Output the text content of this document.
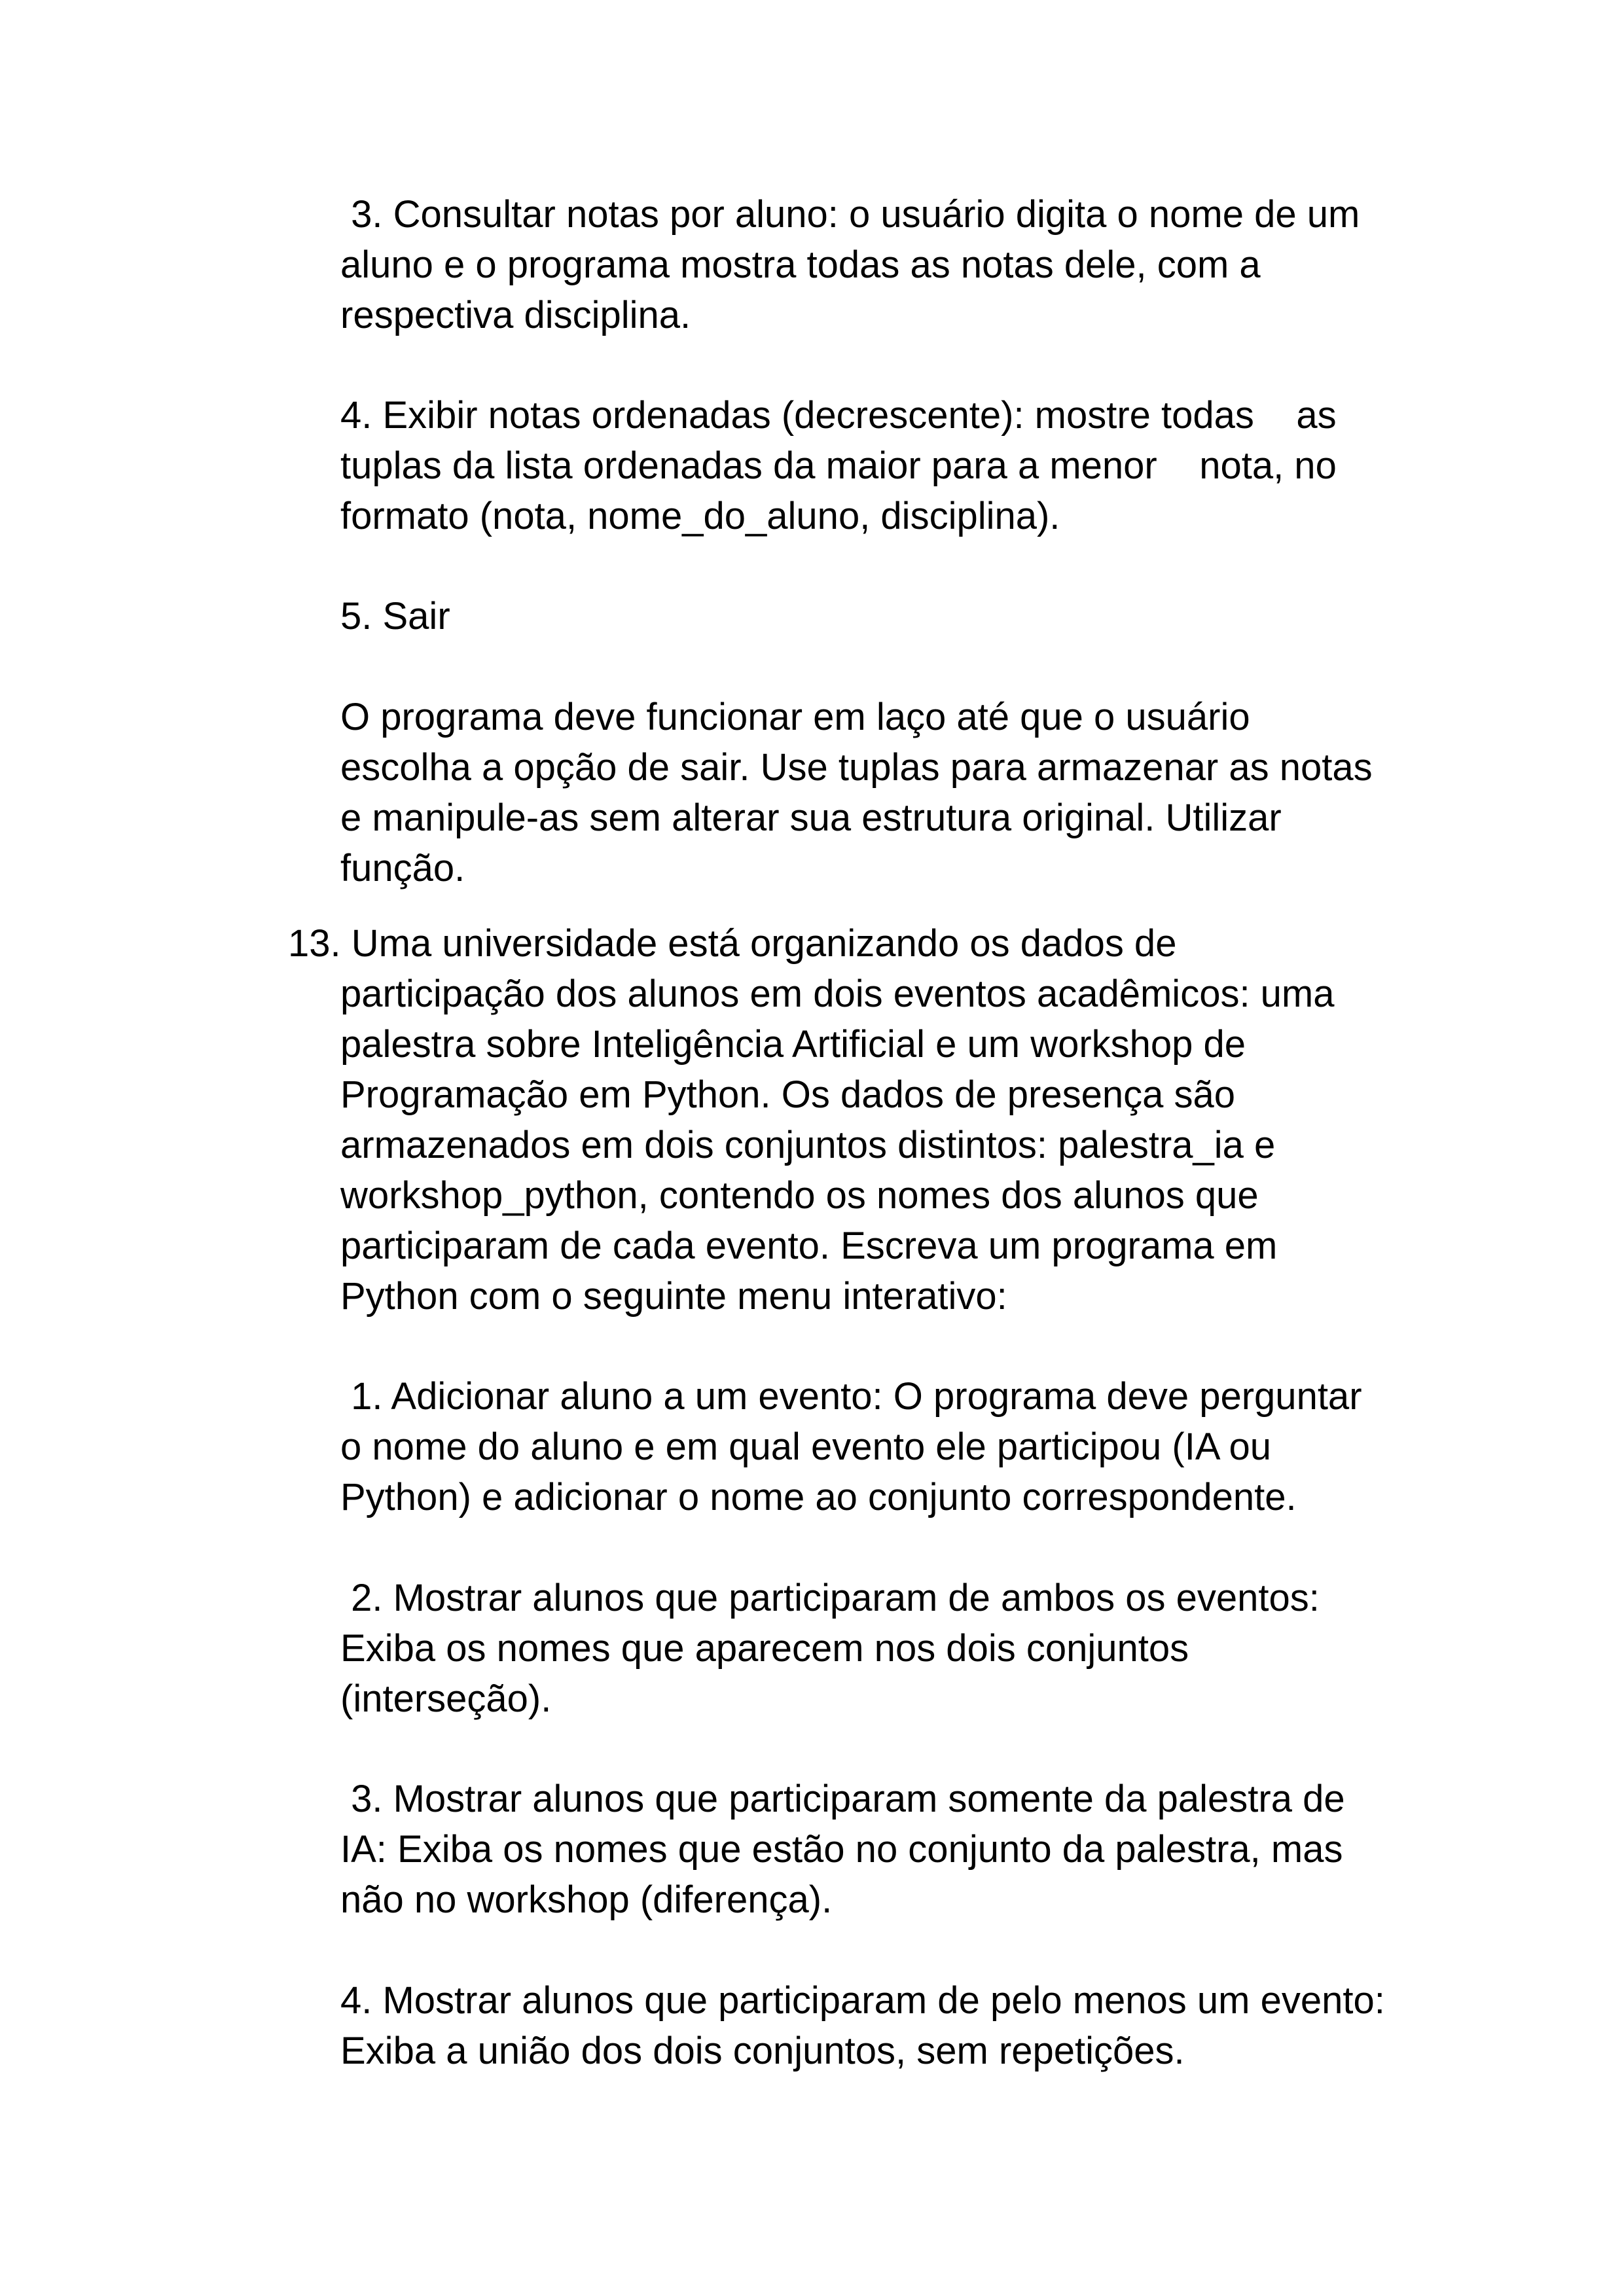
3. Consultar notas por aluno: o usuário digita o nome de um

aluno e o programa mostra todas as notas dele, com a

respectiva disciplina.

4. Exibir notas ordenadas (decrescente): mostre todas    as

tuplas da lista ordenadas da maior para a menor    nota, no

formato (nota, nome_do_aluno, disciplina).

5. Sair

O programa deve funcionar em laço até que o usuário

escolha a opção de sair. Use tuplas para armazenar as notas

e manipule-as sem alterar sua estrutura original. Utilizar

função.

13. Uma universidade está organizando os dados de

participação dos alunos em dois eventos acadêmicos: uma

palestra sobre Inteligência Artificial e um workshop de

Programação em Python. Os dados de presença são

armazenados em dois conjuntos distintos: palestra_ia e

workshop_python, contendo os nomes dos alunos que

participaram de cada evento. Escreva um programa em

Python com o seguinte menu interativo:

1. Adicionar aluno a um evento: O programa deve perguntar

o nome do aluno e em qual evento ele participou (IA ou

Python) e adicionar o nome ao conjunto correspondente.

2. Mostrar alunos que participaram de ambos os eventos:

Exiba os nomes que aparecem nos dois conjuntos

(interseção).

3. Mostrar alunos que participaram somente da palestra de

IA: Exiba os nomes que estão no conjunto da palestra, mas

não no workshop (diferença).

4. Mostrar alunos que participaram de pelo menos um evento:

Exiba a união dos dois conjuntos, sem repetições.
